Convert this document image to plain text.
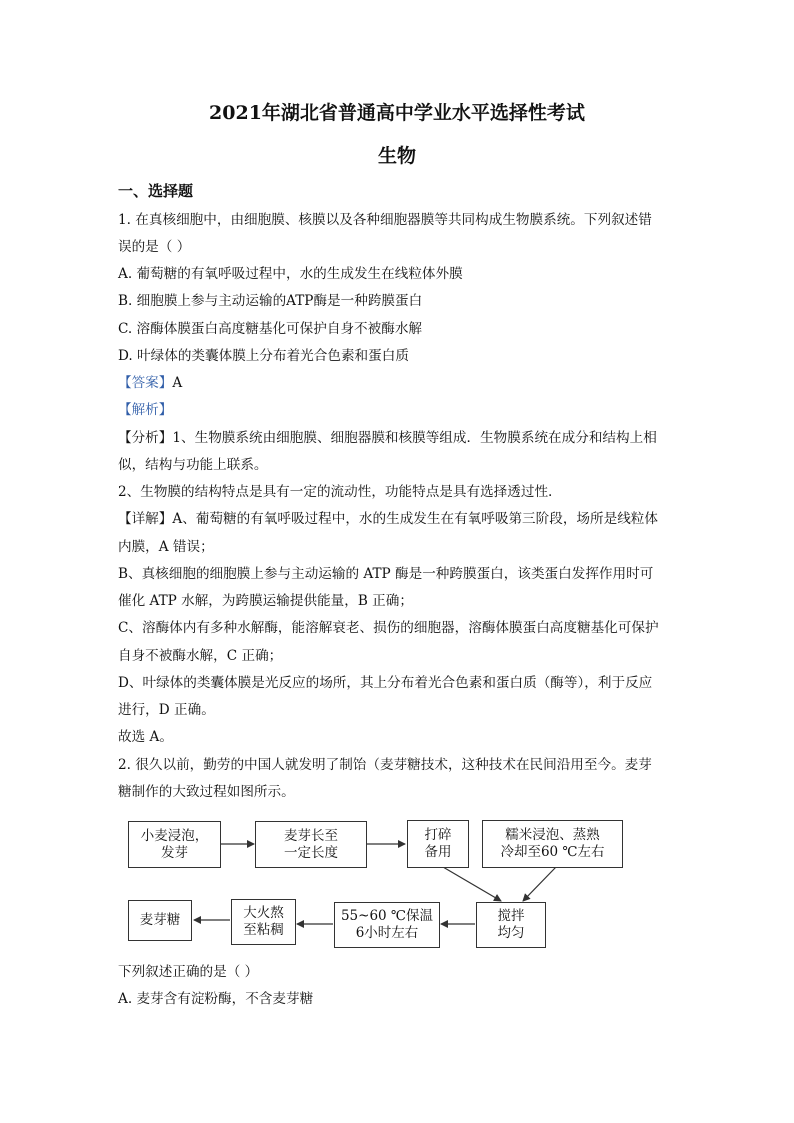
2021年湖北省普通高中学业水平选择性考试
生物
一、选择题
1. 在真核细胞中，由细胞膜、核膜以及各种细胞器膜等共同构成生物膜系统。下列叙述错
误的是（ ）
A. 葡萄糖的有氧呼吸过程中，水的生成发生在线粒体外膜
B. 细胞膜上参与主动运输的ATP酶是一种跨膜蛋白
C. 溶酶体膜蛋白高度糖基化可保护自身不被酶水解
D. 叶绿体的类囊体膜上分布着光合色素和蛋白质
【答案】A
【解析】
【分析】1、生物膜系统由细胞膜、细胞器膜和核膜等组成．生物膜系统在成分和结构上相
似，结构与功能上联系。
2、生物膜的结构特点是具有一定的流动性，功能特点是具有选择透过性.
【详解】A、葡萄糖的有氧呼吸过程中，水的生成发生在有氧呼吸第三阶段，场所是线粒体
内膜，A 错误；
B、真核细胞的细胞膜上参与主动运输的 ATP 酶是一种跨膜蛋白，该类蛋白发挥作用时可
催化 ATP 水解，为跨膜运输提供能量，B 正确；
C、溶酶体内有多种水解酶，能溶解衰老、损伤的细胞器，溶酶体膜蛋白高度糖基化可保护
自身不被酶水解，C 正确；
D、叶绿体的类囊体膜是光反应的场所，其上分布着光合色素和蛋白质（酶等），利于反应
进行，D 正确。
故选 A。
2. 很久以前，勤劳的中国人就发明了制饴（麦芽糖技术，这种技术在民间沿用至今。麦芽
糖制作的大致过程如图所示。
小麦浸泡，
发芽
麦芽长至
一定长度
打碎
备用
糯米浸泡、蒸熟
冷却至60 ℃左右
搅拌
均匀
55~60 ℃保温
6小时左右
大火熬
至粘稠
麦芽糖
下列叙述正确的是（ ）
A. 麦芽含有淀粉酶，不含麦芽糖
